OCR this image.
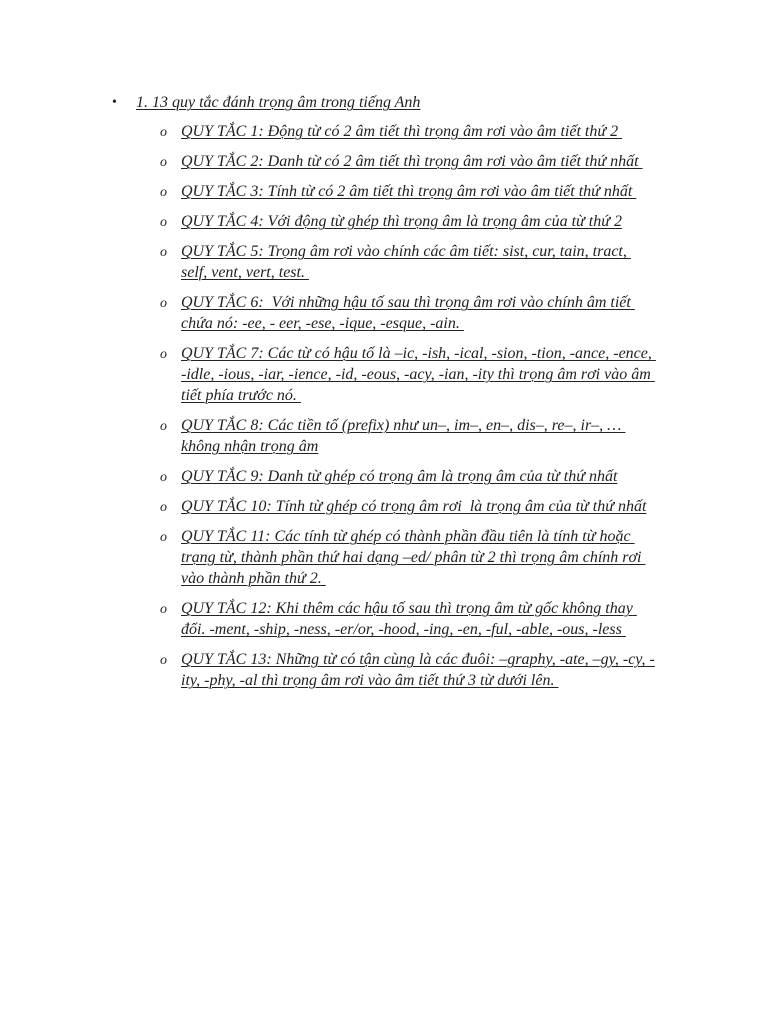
• 1. 13 quy tắc đánh trọng âm trong tiếng Anh
o QUY TẮC 1: Động từ có 2 âm tiết thì trọng âm rơi vào âm tiết thứ 2
o QUY TẮC 2: Danh từ có 2 âm tiết thì trọng âm rơi vào âm tiết thứ nhất
o QUY TẮC 3: Tính từ có 2 âm tiết thì trọng âm rơi vào âm tiết thứ nhất
o QUY TẮC 4: Với động từ ghép thì trọng âm là trọng âm của từ thứ 2
o QUY TẮC 5: Trọng âm rơi vào chính các âm tiết: sist, cur, tain, tract, self, vent, vert, test.
o QUY TẮC 6:  Với những hậu tố sau thì trọng âm rơi vào chính âm tiết chứa nó: -ee, - eer, -ese, -ique, -esque, -ain.
o QUY TẮC 7: Các từ có hậu tố là –ic, -ish, -ical, -sion, -tion, -ance, -ence, -idle, -ious, -iar, -ience, -id, -eous, -acy, -ian, -ity thì trọng âm rơi vào âm tiết phía trước nó.
o QUY TẮC 8: Các tiền tố (prefix) như un–, im–, en–, dis–, re–, ir–, … không nhận trọng âm
o QUY TẮC 9: Danh từ ghép có trọng âm là trọng âm của từ thứ nhất
o QUY TẮC 10: Tính từ ghép có trọng âm rơi  là trọng âm của từ thứ nhất
o QUY TẮC 11: Các tính từ ghép có thành phần đầu tiên là tính từ hoặc trạng từ, thành phần thứ hai dạng –ed/ phân từ 2 thì trọng âm chính rơi vào thành phần thứ 2.
o QUY TẮC 12: Khi thêm các hậu tố sau thì trọng âm từ gốc không thay đổi. -ment, -ship, -ness, -er/or, -hood, -ing, -en, -ful, -able, -ous, -less
o QUY TẮC 13: Những từ có tận cùng là các đuôi: –graphy, -ate, –gy, -cy, -ity, -phy, -al thì trọng âm rơi vào âm tiết thứ 3 từ dưới lên.
